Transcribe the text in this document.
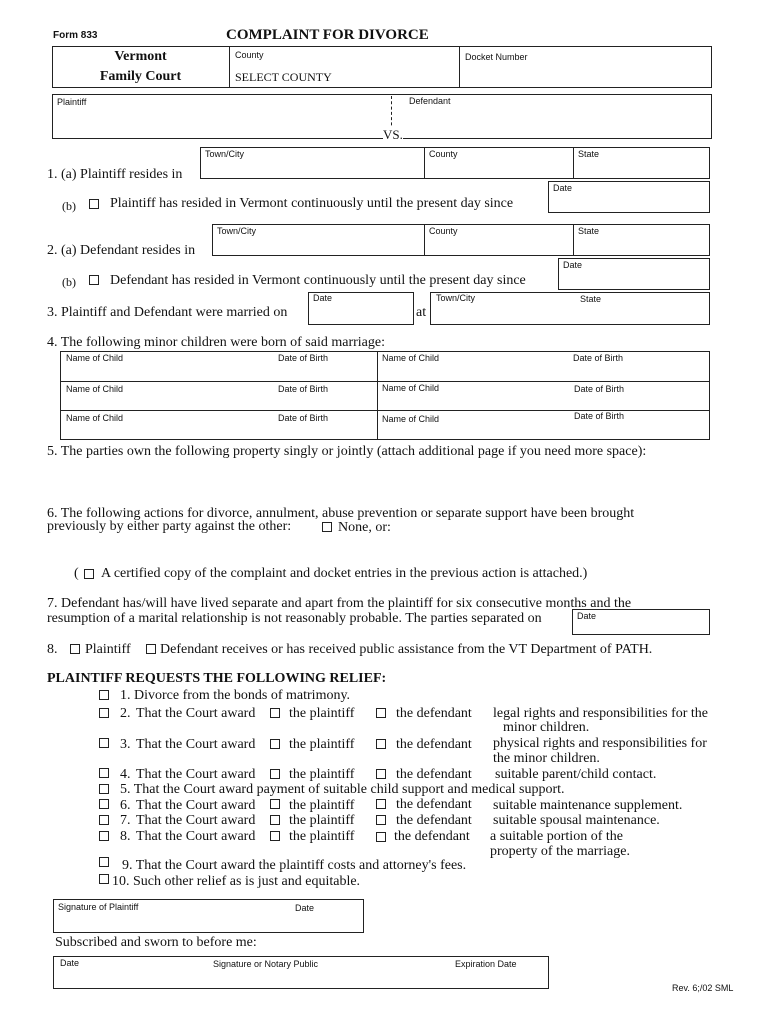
Form 833	COMPLAINT FOR DIVORCE
Vermont
Family Court
County
SELECT COUNTY
Docket Number
Plaintiff	Defendant
VS.
Town/City	County	State
1. (a) Plaintiff resides in
Date
(b) Plaintiff has resided in Vermont continuously until the present day since
Town/City	County	State
2. (a) Defendant resides in
Date
(b) Defendant has resided in Vermont continuously until the present day since
Date
3. Plaintiff and Defendant were married on	at
Town/City	State
4. The following minor children were born of said marriage:
Name of Child	Date of Birth	Name of Child	Date of Birth
Name of Child	Date of Birth	Name of Child	Date of Birth
Name of Child	Date of Birth	Name of Child	Date of Birth
5. The parties own the following property singly or jointly (attach additional page if you need more space):
6. The following actions for divorce, annulment, abuse prevention or separate support have been brought
previously by either party against the other:	None, or:
( A certified copy of the complaint and docket entries in the previous action is attached.)
7. Defendant has/will have lived separate and apart from the plaintiff for six consecutive months and the
resumption of a marital relationship is not reasonably probable. The parties separated on	Date
8. Plaintiff Defendant receives or has received public assistance from the VT Department of PATH.
PLAINTIFF REQUESTS THE FOLLOWING RELIEF:
1. Divorce from the bonds of matrimony.
2. That the Court award the plaintiff	the defendant legal rights and responsibilities for the
minor children.
3. That the Court award the plaintiff	the defendant physical rights and responsibilities for
the minor children.
4. That the Court award the plaintiff	the defendant suitable parent/child contact.
5. That the Court award payment of suitable child support and medical support.
6. That the Court award the plaintiff	the defendant suitable maintenance supplement.
7. That the Court award the plaintiff	the defendant suitable spousal maintenance.
8. That the Court award the plaintiff	the defendant a suitable portion of the
property of the marriage.
9. That the Court award the plaintiff costs and attorney's fees.
10. Such other relief as is just and equitable.
Signature of Plaintiff	Date
Subscribed and sworn to before me:
Date	Signature or Notary Public	Expiration Date
Rev. 6;/02 SML
